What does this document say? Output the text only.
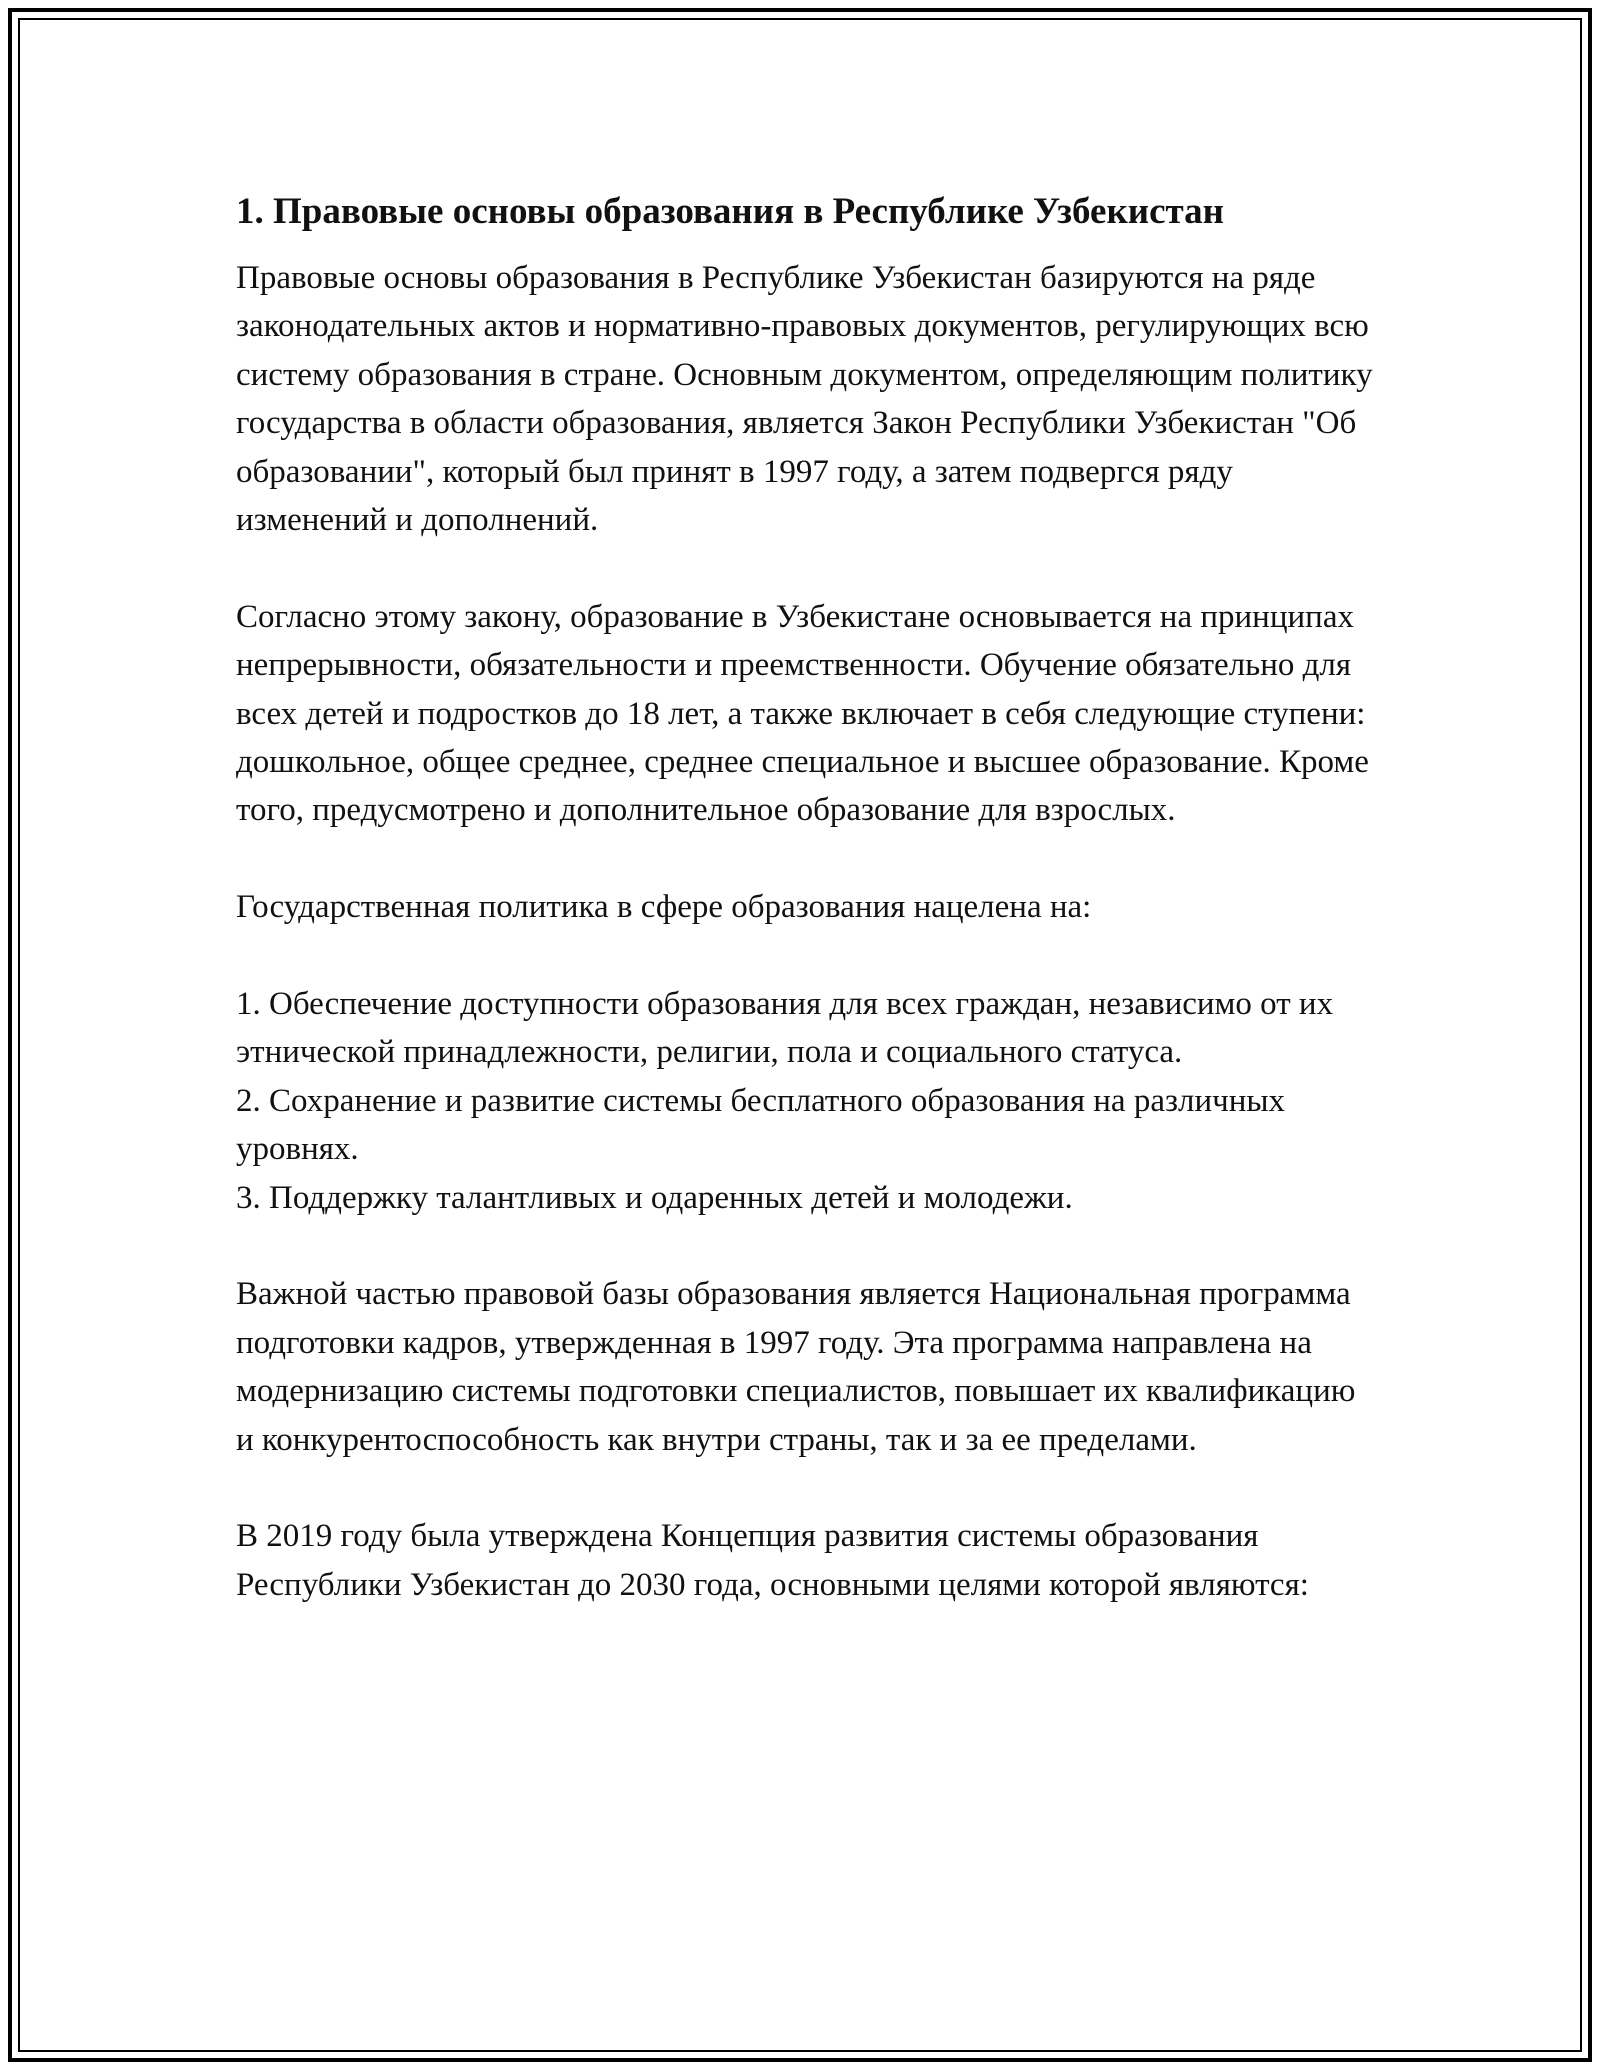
1. Правовые основы образования в Республике Узбекистан

Правовые основы образования в Республике Узбекистан базируются на ряде законодательных актов и нормативно-правовых документов, регулирующих всю систему образования в стране. Основным документом, определяющим политику государства в области образования, является Закон Республики Узбекистан "Об образовании", который был принят в 1997 году, а затем подвергся ряду изменений и дополнений.

Согласно этому закону, образование в Узбекистане основывается на принципах непрерывности, обязательности и преемственности. Обучение обязательно для всех детей и подростков до 18 лет, а также включает в себя следующие ступени: дошкольное, общее среднее, среднее специальное и высшее образование. Кроме того, предусмотрено и дополнительное образование для взрослых.

Государственная политика в сфере образования нацелена на:

1. Обеспечение доступности образования для всех граждан, независимо от их этнической принадлежности, религии, пола и социального статуса.

2. Сохранение и развитие системы бесплатного образования на различных уровнях.

3. Поддержку талантливых и одаренных детей и молодежи.

Важной частью правовой базы образования является Национальная программа подготовки кадров, утвержденная в 1997 году. Эта программа направлена на модернизацию системы подготовки специалистов, повышает их квалификацию и конкурентоспособность как внутри страны, так и за ее пределами.

В 2019 году была утверждена Концепция развития системы образования Республики Узбекистан до 2030 года, основными целями которой являются:
